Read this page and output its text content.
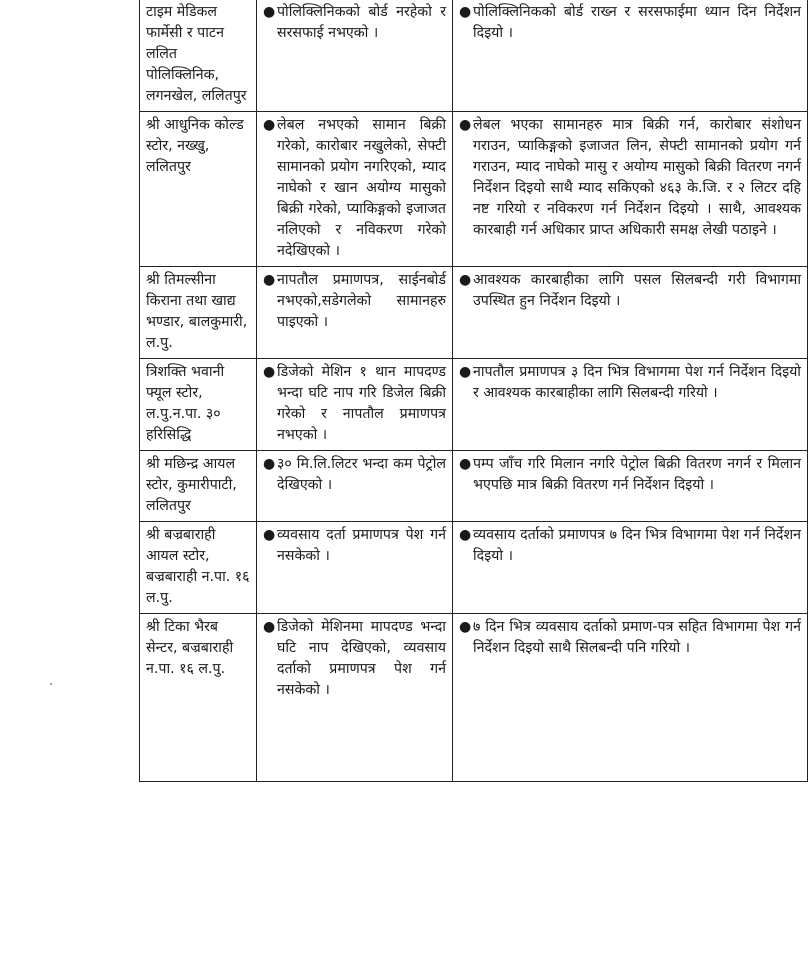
टाइम मेडिकल फार्मेसी र पाटन ललित पोलिक्लिनिक, लगनखेल, ललितपुर	● पोलिक्लिनिकको बोर्ड नरहेको र सरसफाई नभएको ।	● पोलिक्लिनिकको बोर्ड राख्न र सरसफाईमा ध्यान दिन निर्देशन दिइयो ।

श्री आधुनिक कोल्ड स्टोर, नख्खु, ललितपुर	● लेबल नभएको सामान बिक्री गरेको, कारोबार नखुलेको, सेफ्टी सामानको प्रयोग नगरिएको, म्याद नाघेको र खान अयोग्य मासुको बिक्री गरेको, प्याकिङ्गको इजाजत नलिएको र नविकरण गरेको नदेखिएको ।	● लेबल भएका सामानहरु मात्र बिक्री गर्न, कारोबार संशोधन गराउन, प्याकिङ्गको इजाजत लिन, सेफ्टी सामानको प्रयोग गर्न गराउन, म्याद नाघेको मासु र अयोग्य मासुको बिक्री वितरण नगर्न निर्देशन दिइयो साथै म्याद सकिएको ४६३ के.जि. र २ लिटर दहि नष्ट गरियो र नविकरण गर्न निर्देशन दिइयो । साथै, आवश्यक कारबाही गर्न अधिकार प्राप्त अधिकारी समक्ष लेखी पठाइने ।

श्री तिमल्सीना किराना तथा खाद्य भण्डार, बालकुमारी, ल.पु.	● नापतौल प्रमाणपत्र, साईनबोर्ड नभएको,सडेगलेको सामानहरु पाइएको ।	● आवश्यक कारबाहीका लागि पसल सिलबन्दी गरी विभागमा उपस्थित हुन निर्देशन दिइयो ।

त्रिशक्ति भवानी फ्यूल स्टोर, ल.पु.न.पा. ३० हरिसिद्धि	● डिजेको मेशिन १ थान मापदण्ड भन्दा घटि नाप गरि डिजेल बिक्री गरेको र नापतौल प्रमाणपत्र नभएको ।	● नापतौल प्रमाणपत्र ३ दिन भित्र विभागमा पेश गर्न निर्देशन दिइयो र आवश्यक कारबाहीका लागि सिलबन्दी गरियो ।

श्री मछिन्द्र आयल स्टोर, कुमारीपाटी, ललितपुर	● ३० मि.लि.लिटर भन्दा कम पेट्रोल देखिएको ।	● पम्प जाँच गरि मिलान नगरि पेट्रोल बिक्री वितरण नगर्न र मिलान भएपछि मात्र बिक्री वितरण गर्न निर्देशन दिइयो ।

श्री बज्रबाराही आयल स्टोर, बज्रबाराही न.पा. १६ ल.पु.	● व्यवसाय दर्ता प्रमाणपत्र पेश गर्न नसकेको ।	● व्यवसाय दर्ताको प्रमाणपत्र ७ दिन भित्र विभागमा पेश गर्न निर्देशन दिइयो ।

श्री टिका भैरब सेन्टर, बज्रबाराही न.पा. १६ ल.पु.	● डिजेको मेशिनमा मापदण्ड भन्दा घटि नाप देखिएको, व्यवसाय दर्ताको प्रमाणपत्र पेश गर्न नसकेको ।	● ७ दिन भित्र व्यवसाय दर्ताको प्रमाण-पत्र सहित विभागमा पेश गर्न निर्देशन दिइयो साथै सिलबन्दी पनि गरियो ।
